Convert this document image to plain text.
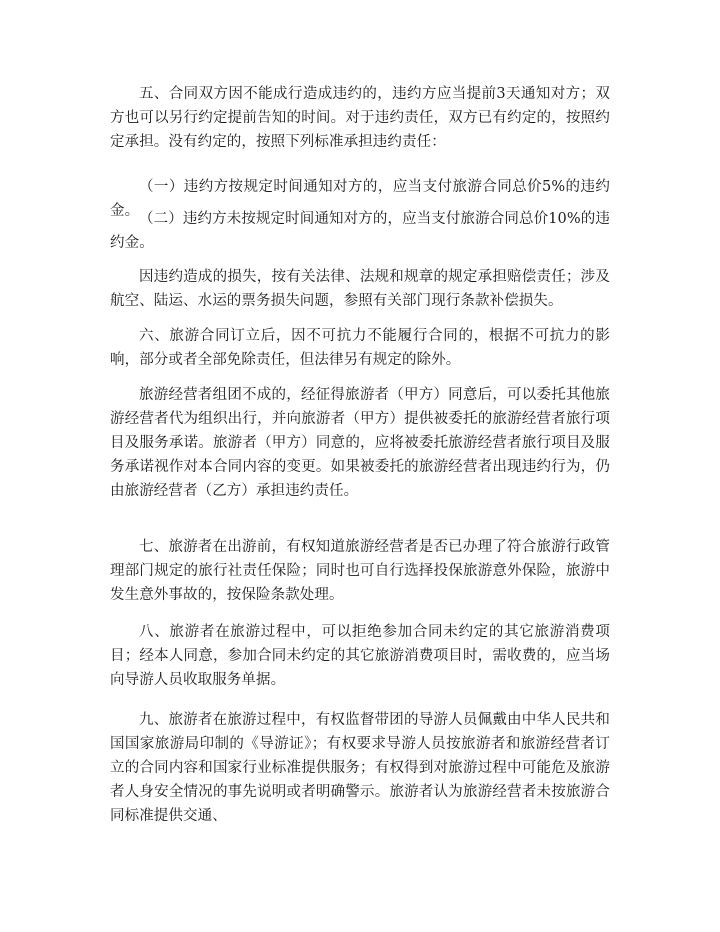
五、合同双方因不能成行造成违约的，违约方应当提前3天通知对方；双方也可以另行约定提前告知的时间。对于违约责任，双方已有约定的，按照约定承担。没有约定的，按照下列标准承担违约责任：

（一）违约方按规定时间通知对方的，应当支付旅游合同总价5%的违约金。 （二）违约方未按规定时间通知对方的，应当支付旅游合同总价10%的违约金。

因违约造成的损失，按有关法律、法规和规章的规定承担赔偿责任；涉及航空、陆运、水运的票务损失问题，参照有关部门现行条款补偿损失。

六、旅游合同订立后，因不可抗力不能履行合同的，根据不可抗力的影响，部分或者全部免除责任，但法律另有规定的除外。

旅游经营者组团不成的，经征得旅游者（甲方）同意后，可以委托其他旅游经营者代为组织出行，并向旅游者（甲方）提供被委托的旅游经营者旅行项目及服务承诺。旅游者（甲方）同意的，应将被委托旅游经营者旅行项目及服务承诺视作对本合同内容的变更。如果被委托的旅游经营者出现违约行为，仍由旅游经营者（乙方）承担违约责任。

七、旅游者在出游前，有权知道旅游经营者是否已办理了符合旅游行政管理部门规定的旅行社责任保险；同时也可自行选择投保旅游意外保险，旅游中发生意外事故的，按保险条款处理。

八、旅游者在旅游过程中，可以拒绝参加合同未约定的其它旅游消费项目；经本人同意，参加合同未约定的其它旅游消费项目时，需收费的，应当场向导游人员收取服务单据。

九、旅游者在旅游过程中，有权监督带团的导游人员佩戴由中华人民共和国国家旅游局印制的《导游证》；有权要求导游人员按旅游者和旅游经营者订立的合同内容和国家行业标准提供服务；有权得到对旅游过程中可能危及旅游者人身安全情况的事先说明或者明确警示。旅游者认为旅游经营者未按旅游合同标准提供交通、
